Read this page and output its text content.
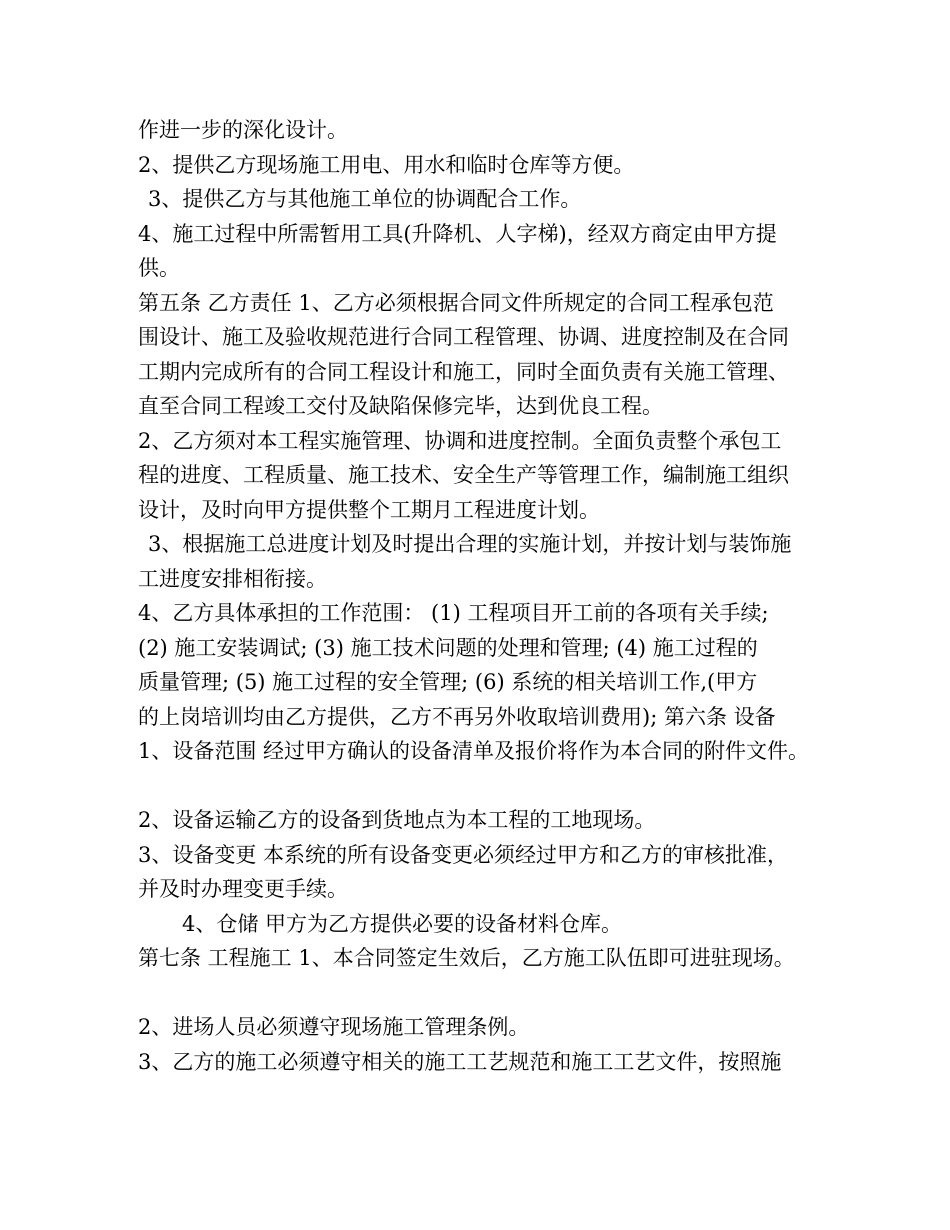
作进一步的深化设计。

2、提供乙方现场施工用电、用水和临时仓库等方便。

3、提供乙方与其他施工单位的协调配合工作。

4、施工过程中所需暂用工具(升降机、人字梯)，经双方商定由甲方提

供。

第五条 乙方责任 1、乙方必须根据合同文件所规定的合同工程承包范

围设计、施工及验收规范进行合同工程管理、协调、进度控制及在合同

工期内完成所有的合同工程设计和施工，同时全面负责有关施工管理、

直至合同工程竣工交付及缺陷保修完毕，达到优良工程。

2、乙方须对本工程实施管理、协调和进度控制。全面负责整个承包工

程的进度、工程质量、施工技术、安全生产等管理工作，编制施工组织

设计，及时向甲方提供整个工期月工程进度计划。

3、根据施工总进度计划及时提出合理的实施计划，并按计划与装饰施

工进度安排相衔接。

4、乙方具体承担的工作范围： (1) 工程项目开工前的各项有关手续;

(2) 施工安装调试; (3) 施工技术问题的处理和管理; (4) 施工过程的

质量管理; (5) 施工过程的安全管理; (6) 系统的相关培训工作,(甲方

的上岗培训均由乙方提供，乙方不再另外收取培训费用); 第六条 设备

1、设备范围 经过甲方确认的设备清单及报价将作为本合同的附件文件。

2、设备运输乙方的设备到货地点为本工程的工地现场。

3、设备变更 本系统的所有设备变更必须经过甲方和乙方的审核批准，

并及时办理变更手续。

4、仓储 甲方为乙方提供必要的设备材料仓库。

第七条 工程施工 1、本合同签定生效后，乙方施工队伍即可进驻现场。

2、进场人员必须遵守现场施工管理条例。

3、乙方的施工必须遵守相关的施工工艺规范和施工工艺文件，按照施
